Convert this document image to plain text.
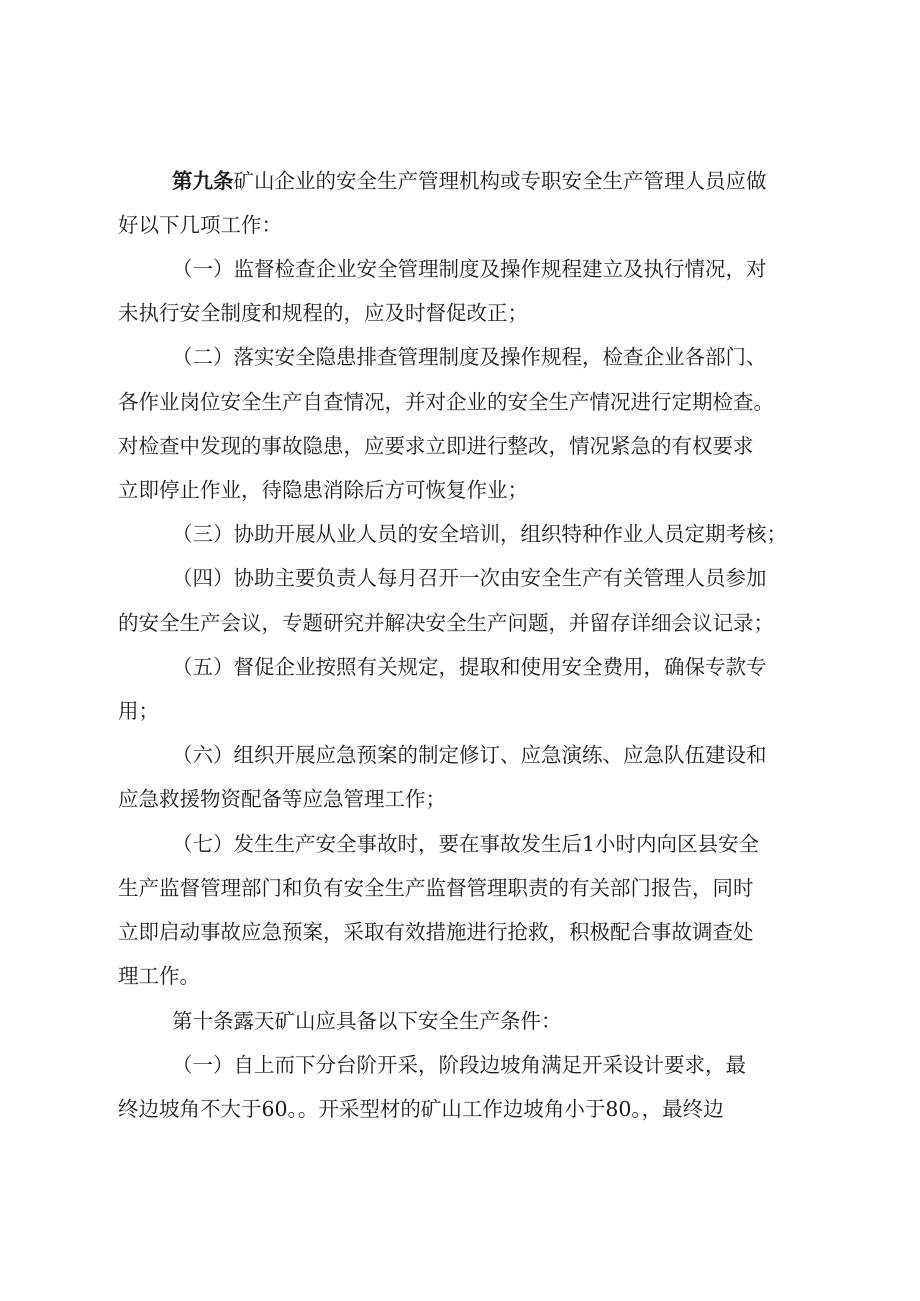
第九条矿山企业的安全生产管理机构或专职安全生产管理人员应做
好以下几项工作：
（一）监督检查企业安全管理制度及操作规程建立及执行情况，对
未执行安全制度和规程的，应及时督促改正；
（二）落实安全隐患排查管理制度及操作规程，检查企业各部门、
各作业岗位安全生产自查情况，并对企业的安全生产情况进行定期检查。
对检查中发现的事故隐患，应要求立即进行整改，情况紧急的有权要求
立即停止作业，待隐患消除后方可恢复作业；
（三）协助开展从业人员的安全培训，组织特种作业人员定期考核；
（四）协助主要负责人每月召开一次由安全生产有关管理人员参加
的安全生产会议，专题研究并解决安全生产问题，并留存详细会议记录；
（五）督促企业按照有关规定，提取和使用安全费用，确保专款专
用；
（六）组织开展应急预案的制定修订、应急演练、应急队伍建设和
应急救援物资配备等应急管理工作；
（七）发生生产安全事故时，要在事故发生后1小时内向区县安全
生产监督管理部门和负有安全生产监督管理职责的有关部门报告，同时
立即启动事故应急预案，采取有效措施进行抢救，积极配合事故调查处
理工作。
第十条露天矿山应具备以下安全生产条件：
（一）自上而下分台阶开采，阶段边坡角满足开采设计要求，最
终边坡角不大于60。。开采型材的矿山工作边坡角小于80。，最终边
